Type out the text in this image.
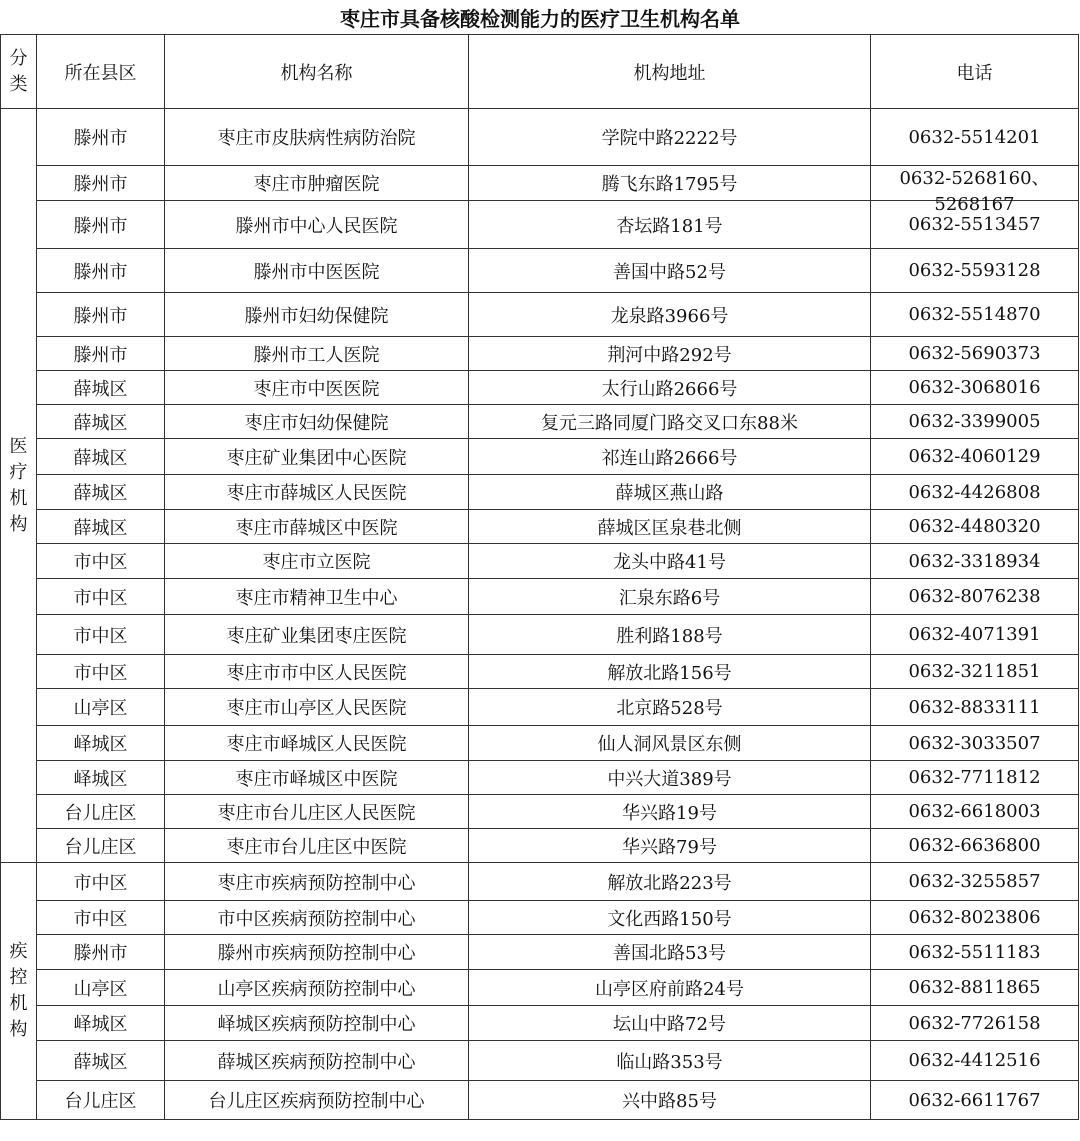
枣庄市具备核酸检测能力的医疗卫生机构名单
分类	所在县区	机构名称	机构地址	电话
医疗机构	滕州市	枣庄市皮肤病性病防治院	学院中路2222号	0632-5514201
	滕州市	枣庄市肿瘤医院	腾飞东路1795号	0632-5268160、5268167

	滕州市	滕州市中心人民医院	杏坛路181号	0632-5513457
	滕州市	滕州市中医医院	善国中路52号	0632-5593128
	滕州市	滕州市妇幼保健院	龙泉路3966号	0632-5514870
	滕州市	滕州市工人医院	荆河中路292号	0632-5690373
	薛城区	枣庄市中医医院	太行山路2666号	0632-3068016
	薛城区	枣庄市妇幼保健院	复元三路同厦门路交叉口东88米	0632-3399005
	薛城区	枣庄矿业集团中心医院	祁连山路2666号	0632-4060129
	薛城区	枣庄市薛城区人民医院	薛城区燕山路	0632-4426808
	薛城区	枣庄市薛城区中医院	薛城区匡泉巷北侧	0632-4480320
	市中区	枣庄市立医院	龙头中路41号	0632-3318934
	市中区	枣庄市精神卫生中心	汇泉东路6号	0632-8076238
	市中区	枣庄矿业集团枣庄医院	胜利路188号	0632-4071391
	市中区	枣庄市市中区人民医院	解放北路156号	0632-3211851
	山亭区	枣庄市山亭区人民医院	北京路528号	0632-8833111
	峄城区	枣庄市峄城区人民医院	仙人洞风景区东侧	0632-3033507
	峄城区	枣庄市峄城区中医院	中兴大道389号	0632-7711812
	台儿庄区	枣庄市台儿庄区人民医院	华兴路19号	0632-6618003
	台儿庄区	枣庄市台儿庄区中医院	华兴路79号	0632-6636800
疾控机构	市中区	枣庄市疾病预防控制中心	解放北路223号	0632-3255857
	市中区	市中区疾病预防控制中心	文化西路150号	0632-8023806
	滕州市	滕州市疾病预防控制中心	善国北路53号	0632-5511183
	山亭区	山亭区疾病预防控制中心	山亭区府前路24号	0632-8811865
	峄城区	峄城区疾病预防控制中心	坛山中路72号	0632-7726158
	薛城区	薛城区疾病预防控制中心	临山路353号	0632-4412516
	台儿庄区	台儿庄区疾病预防控制中心	兴中路85号	0632-6611767
